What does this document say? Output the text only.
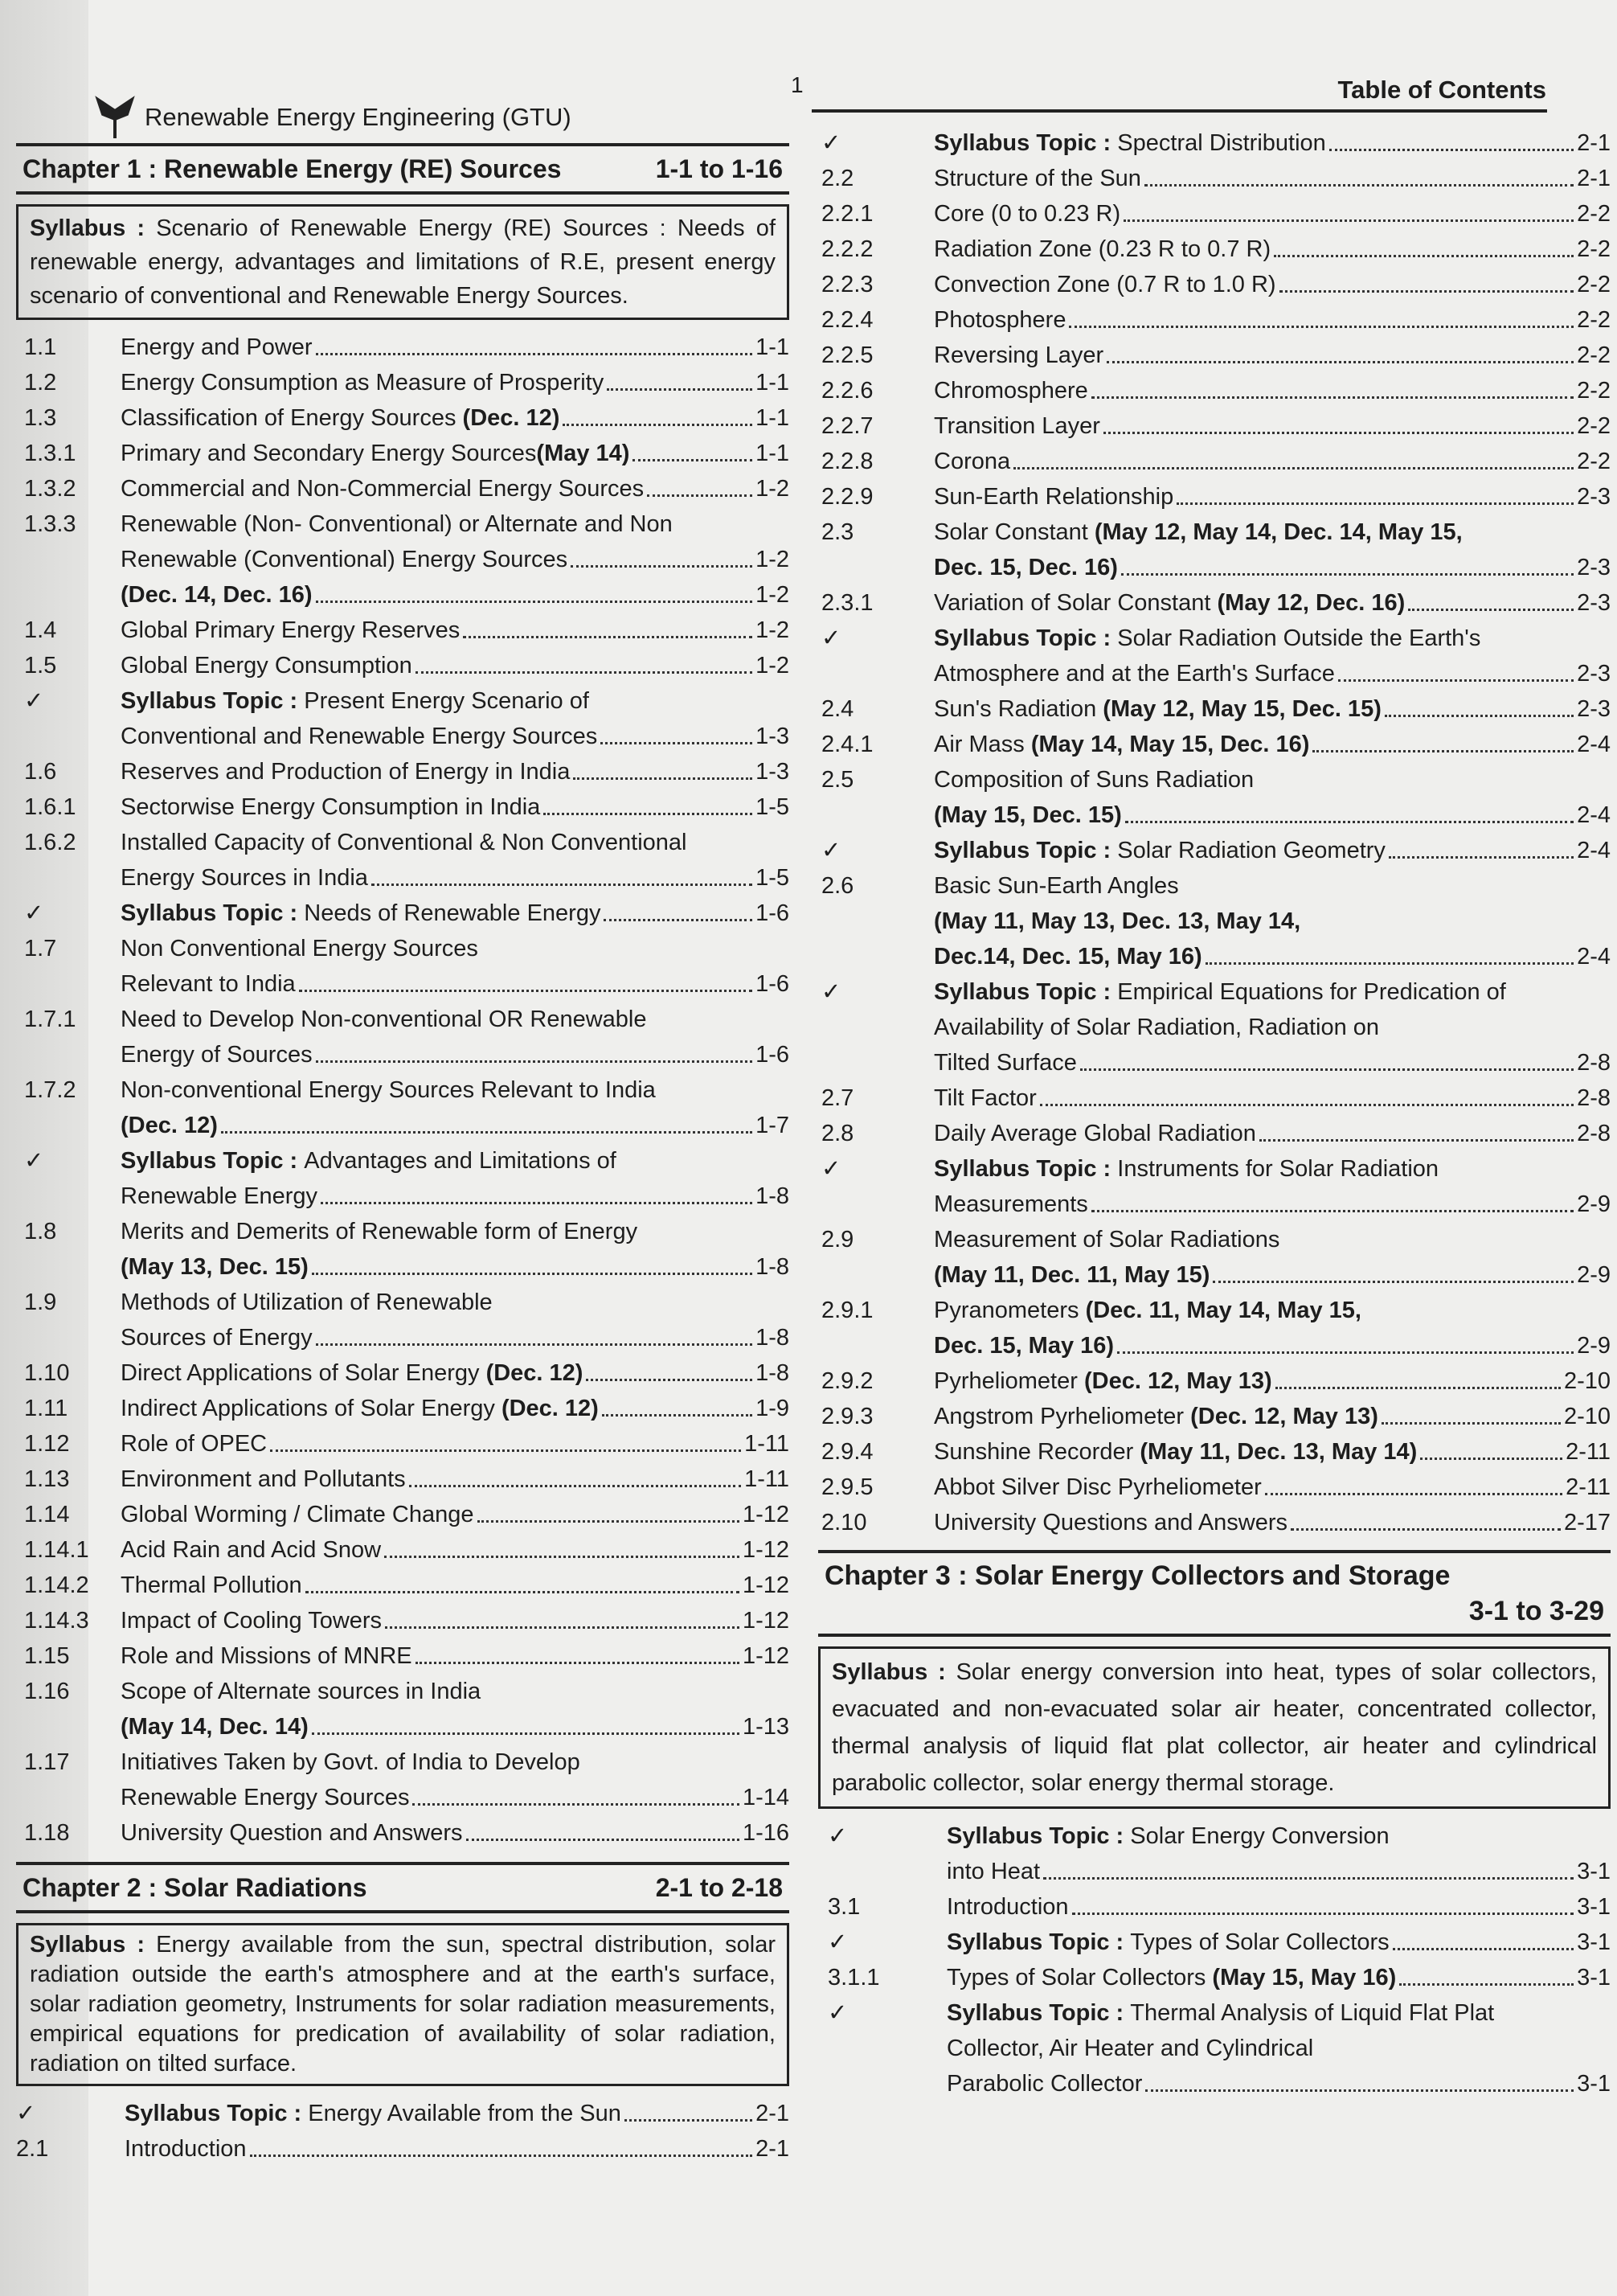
Renewable Energy Engineering (GTU)
1	Table of Contents
Chapter 1 : Renewable Energy (RE) Sources	1-1 to 1-16
Syllabus : Scenario of Renewable Energy (RE) Sources : Needs of renewable energy, advantages and limitations of R.E, present energy scenario of conventional and Renewable Energy Sources.
1.1	Energy and Power	1-1
1.2	Energy Consumption as Measure of Prosperity	1-1
1.3	Classification of Energy Sources (Dec. 12)	1-1
1.3.1	Primary and Secondary Energy Sources(May 14)	1-1
1.3.2	Commercial and Non-Commercial Energy Sources	1-2
1.3.3	Renewable (Non- Conventional) or Alternate and Non
Renewable (Conventional) Energy Sources	1-2
(Dec. 14, Dec. 16)	1-2
1.4	Global Primary Energy Reserves	1-2
1.5	Global Energy Consumption	1-2
✓	Syllabus Topic : Present Energy Scenario of
Conventional and Renewable Energy Sources	1-3
1.6	Reserves and Production of Energy in India	1-3
1.6.1	Sectorwise Energy Consumption in India	1-5
1.6.2	Installed Capacity of Conventional & Non Conventional
Energy Sources in India	1-5
✓	Syllabus Topic : Needs of Renewable Energy	1-6
1.7	Non Conventional Energy Sources
Relevant to India	1-6
1.7.1	Need to Develop Non-conventional OR Renewable
Energy of Sources	1-6
1.7.2	Non-conventional Energy Sources Relevant to India
(Dec. 12)	1-7
✓	Syllabus Topic : Advantages and Limitations of
Renewable Energy	1-8
1.8	Merits and Demerits of Renewable form of Energy
(May 13, Dec. 15)	1-8
1.9	Methods of Utilization of Renewable
Sources of Energy	1-8
1.10	Direct Applications of Solar Energy (Dec. 12)	1-8
1.11	Indirect Applications of Solar Energy (Dec. 12)	1-9
1.12	Role of OPEC	1-11
1.13	Environment and Pollutants	1-11
1.14	Global Worming / Climate Change	1-12
1.14.1	Acid Rain and Acid Snow	1-12
1.14.2	Thermal Pollution	1-12
1.14.3	Impact of Cooling Towers	1-12
1.15	Role and Missions of MNRE	1-12
1.16	Scope of Alternate sources in India
(May 14, Dec. 14)	1-13
1.17	Initiatives Taken by Govt. of India to Develop
Renewable Energy Sources	1-14
1.18	University Question and Answers	1-16
Chapter 2 : Solar Radiations	2-1 to 2-18
Syllabus : Energy available from the sun, spectral distribution, solar radiation outside the earth's atmosphere and at the earth's surface, solar radiation geometry, Instruments for solar radiation measurements, empirical equations for predication of availability of solar radiation, radiation on tilted surface.
✓	Syllabus Topic : Energy Available from the Sun	2-1
2.1	Introduction	2-1
✓	Syllabus Topic : Spectral Distribution	2-1
2.2	Structure of the Sun	2-1
2.2.1	Core (0 to 0.23 R)	2-2
2.2.2	Radiation Zone (0.23 R to 0.7 R)	2-2
2.2.3	Convection Zone (0.7 R to 1.0 R)	2-2
2.2.4	Photosphere	2-2
2.2.5	Reversing Layer	2-2
2.2.6	Chromosphere	2-2
2.2.7	Transition Layer	2-2
2.2.8	Corona	2-2
2.2.9	Sun-Earth Relationship	2-3
2.3	Solar Constant (May 12, May 14, Dec. 14, May 15,
Dec. 15, Dec. 16)	2-3
2.3.1	Variation of Solar Constant (May 12, Dec. 16)	2-3
✓	Syllabus Topic : Solar Radiation Outside the Earth's
Atmosphere and at the Earth's Surface	2-3
2.4	Sun's Radiation (May 12, May 15, Dec. 15)	2-3
2.4.1	Air Mass (May 14, May 15, Dec. 16)	2-4
2.5	Composition of Suns Radiation
(May 15, Dec. 15)	2-4
✓	Syllabus Topic : Solar Radiation Geometry	2-4
2.6	Basic Sun-Earth Angles
(May 11, May 13, Dec. 13, May 14,
Dec.14, Dec. 15, May 16)	2-4
✓	Syllabus Topic : Empirical Equations for Predication of
Availability of Solar Radiation, Radiation on
Tilted Surface	2-8
2.7	Tilt Factor	2-8
2.8	Daily Average Global Radiation	2-8
✓	Syllabus Topic : Instruments for Solar Radiation
Measurements	2-9
2.9	Measurement of Solar Radiations
(May 11, Dec. 11, May 15)	2-9
2.9.1	Pyranometers (Dec. 11, May 14, May 15,
Dec. 15, May 16)	2-9
2.9.2	Pyrheliometer (Dec. 12, May 13)	2-10
2.9.3	Angstrom Pyrheliometer (Dec. 12, May 13)	2-10
2.9.4	Sunshine Recorder (May 11, Dec. 13, May 14)	2-11
2.9.5	Abbot Silver Disc Pyrheliometer	2-11
2.10	University Questions and Answers	2-17
Chapter 3 : Solar Energy Collectors and Storage
3-1 to 3-29
Syllabus : Solar energy conversion into heat, types of solar collectors, evacuated and non-evacuated solar air heater, concentrated collector, thermal analysis of liquid flat plat collector, air heater and cylindrical parabolic collector, solar energy thermal storage.
✓	Syllabus Topic : Solar Energy Conversion
into Heat	3-1
3.1	Introduction	3-1
✓	Syllabus Topic : Types of Solar Collectors	3-1
3.1.1	Types of Solar Collectors (May 15, May 16)	3-1
✓	Syllabus Topic : Thermal Analysis of Liquid Flat Plat
Collector, Air Heater and Cylindrical
Parabolic Collector	3-1
